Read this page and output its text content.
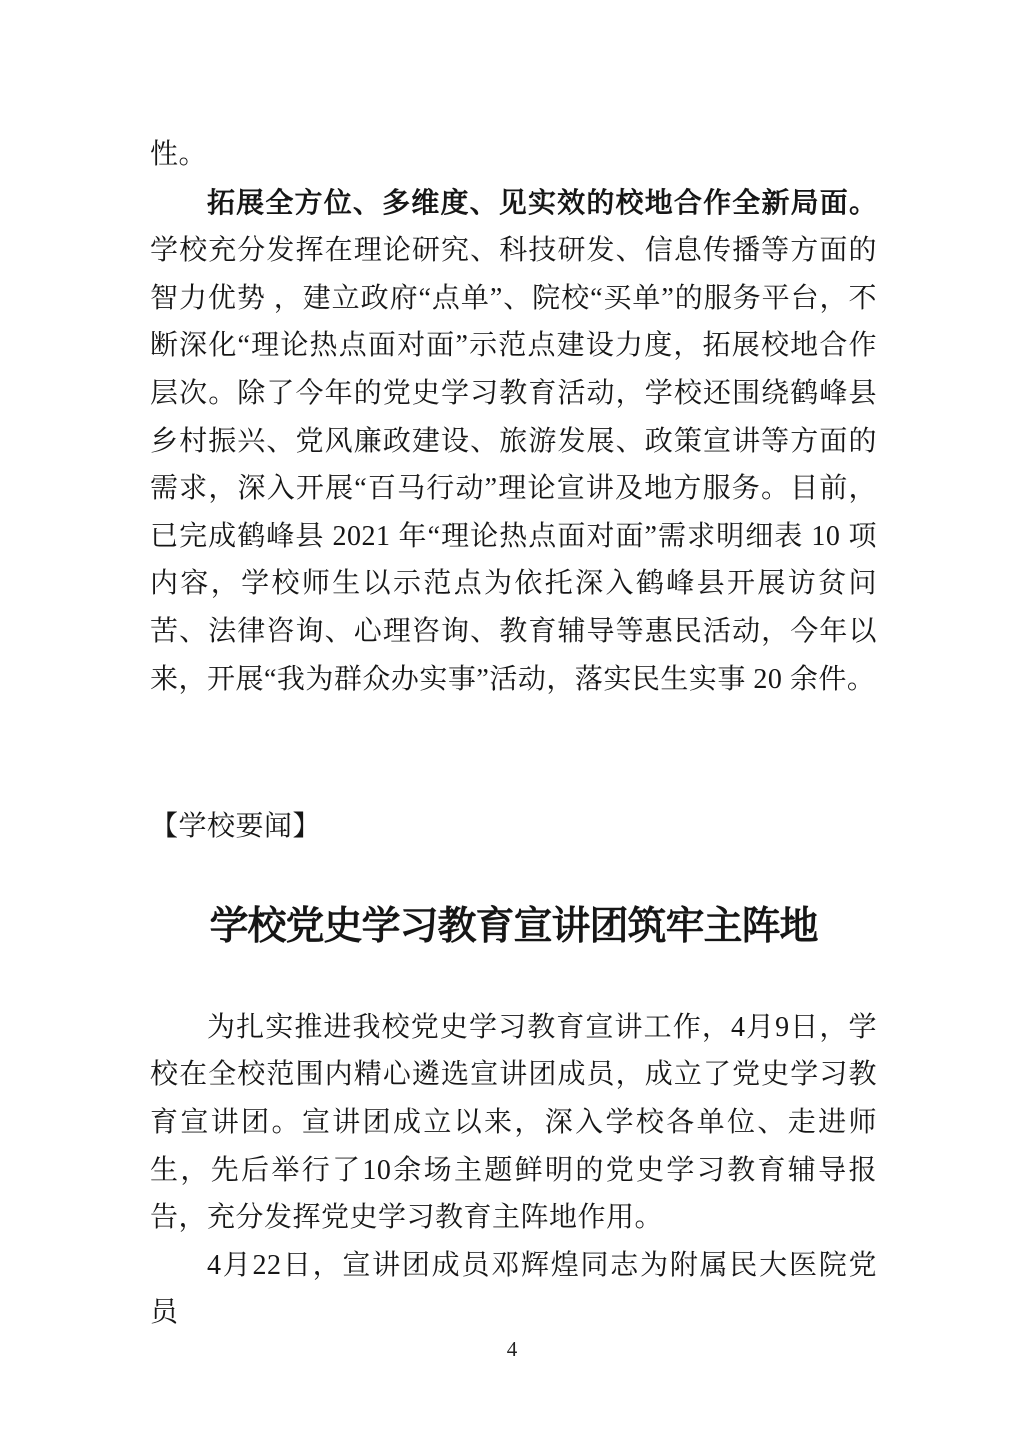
性。

拓展全方位、多维度、见实效的校地合作全新局面。学校充分发挥在理论研究、科技研发、信息传播等方面的智力优势 ，建立政府“点单”、院校“买单”的服务平台，不断深化“理论热点面对面”示范点建设力度，拓展校地合作层次。除了今年的党史学习教育活动，学校还围绕鹤峰县乡村振兴、党风廉政建设、旅游发展、政策宣讲等方面的需求，深入开展“百马行动”理论宣讲及地方服务。目前，已完成鹤峰县 2021 年“理论热点面对面”需求明细表 10 项内容，学校师生以示范点为依托深入鹤峰县开展访贫问苦、法律咨询、心理咨询、教育辅导等惠民活动，今年以来，开展“我为群众办实事”活动，落实民生实事 20 余件。

【学校要闻】
学校党史学习教育宣讲团筑牢主阵地

为扎实推进我校党史学习教育宣讲工作，4月9日，学校在全校范围内精心遴选宣讲团成员，成立了党史学习教育宣讲团。宣讲团成立以来，深入学校各单位、走进师生，先后举行了10余场主题鲜明的党史学习教育辅导报告，充分发挥党史学习教育主阵地作用。

4月22日，宣讲团成员邓辉煌同志为附属民大医院党员

4
